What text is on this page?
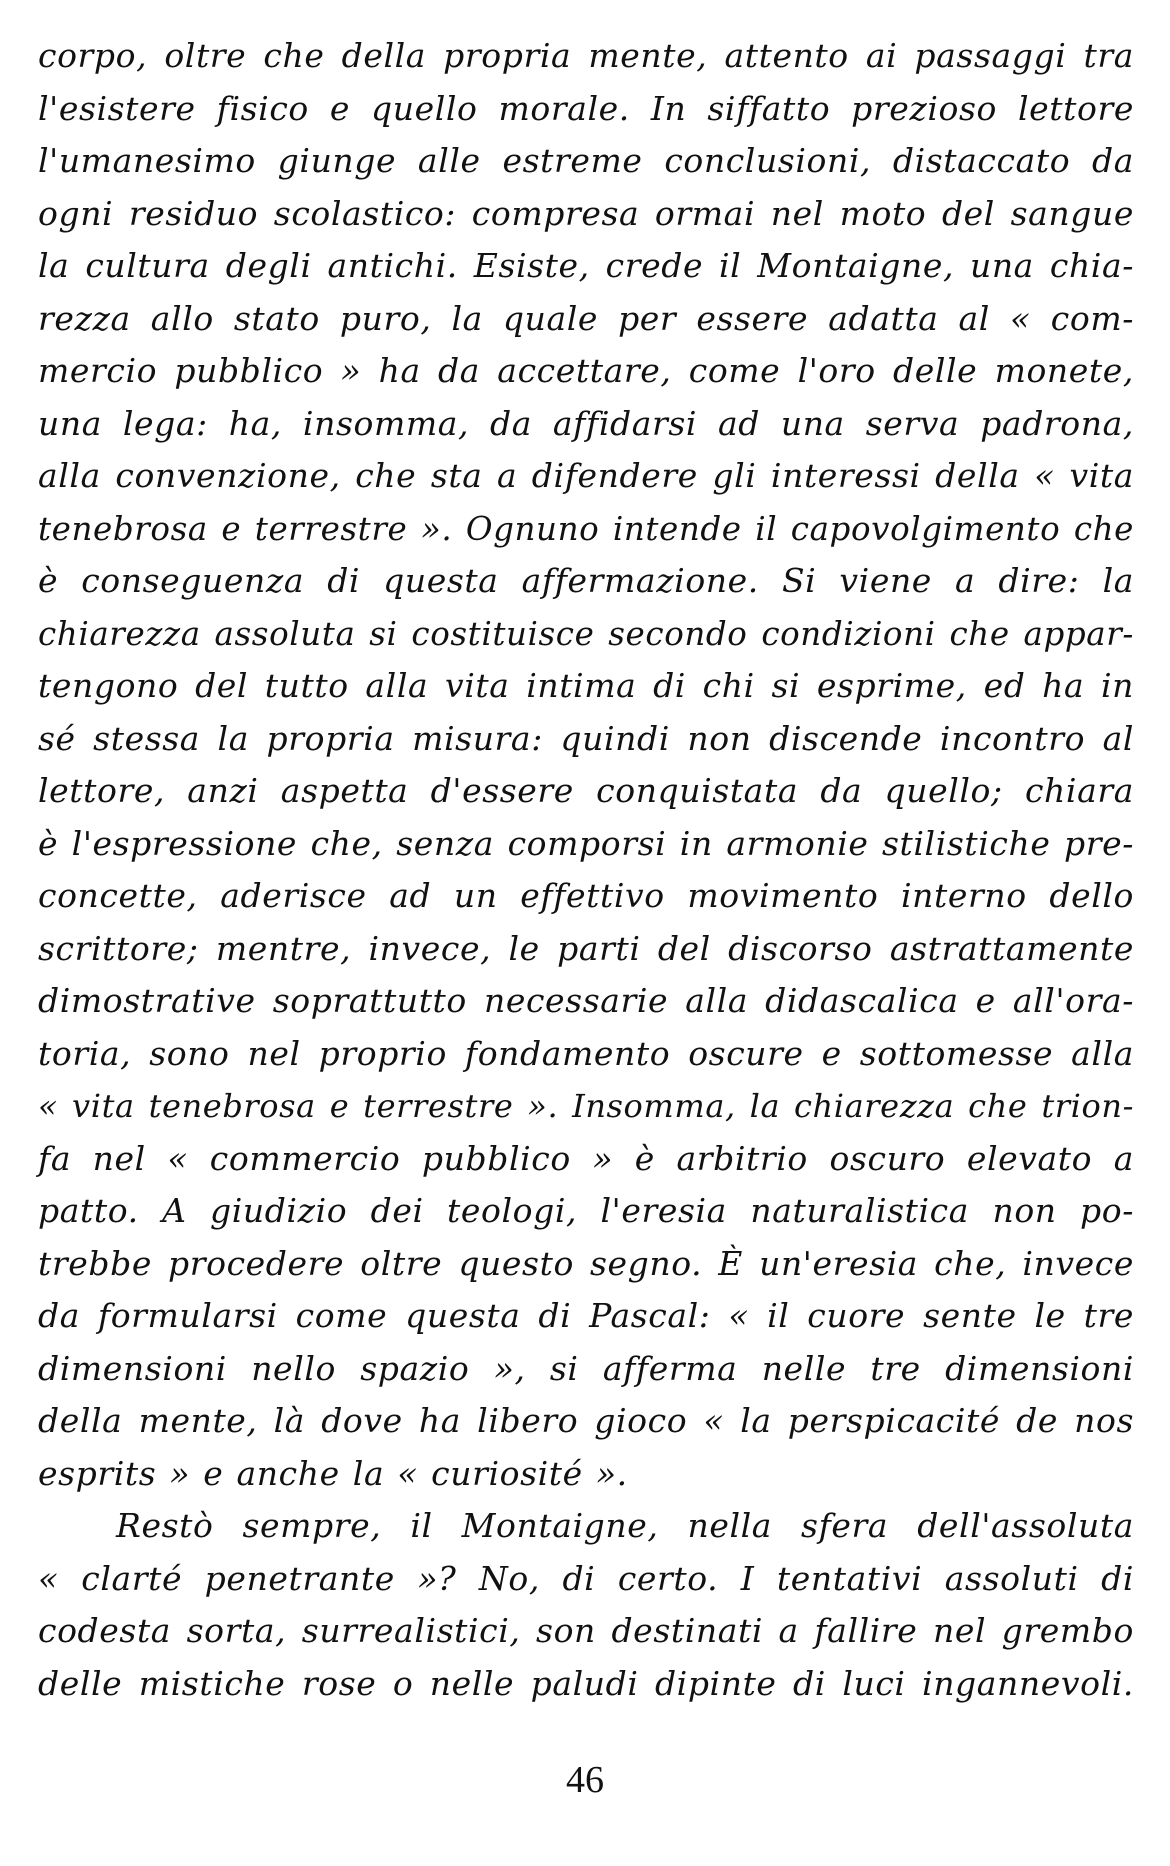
corpo, oltre che della propria mente, attento ai passaggi tra
l'esistere fisico e quello morale. In siffatto prezioso lettore
l'umanesimo giunge alle estreme conclusioni, distaccato da
ogni residuo scolastico: compresa ormai nel moto del sangue
la cultura degli antichi. Esiste, crede il Montaigne, una chia-
rezza allo stato puro, la quale per essere adatta al « com-
mercio pubblico » ha da accettare, come l'oro delle monete,
una lega: ha, insomma, da affidarsi ad una serva padrona,
alla convenzione, che sta a difendere gli interessi della « vita
tenebrosa e terrestre ». Ognuno intende il capovolgimento che
è conseguenza di questa affermazione. Si viene a dire: la
chiarezza assoluta si costituisce secondo condizioni che appar-
tengono del tutto alla vita intima di chi si esprime, ed ha in
sé stessa la propria misura: quindi non discende incontro al
lettore, anzi aspetta d'essere conquistata da quello; chiara
è l'espressione che, senza comporsi in armonie stilistiche pre-
concette, aderisce ad un effettivo movimento interno dello
scrittore; mentre, invece, le parti del discorso astrattamente
dimostrative soprattutto necessarie alla didascalica e all'ora-
toria, sono nel proprio fondamento oscure e sottomesse alla
« vita tenebrosa e terrestre ». Insomma, la chiarezza che trion-
fa nel « commercio pubblico » è arbitrio oscuro elevato a
patto. A giudizio dei teologi, l'eresia naturalistica non po-
trebbe procedere oltre questo segno. È un'eresia che, invece
da formularsi come questa di Pascal: « il cuore sente le tre
dimensioni nello spazio », si afferma nelle tre dimensioni
della mente, là dove ha libero gioco « la perspicacité de nos
esprits » e anche la « curiosité ».
Restò sempre, il Montaigne, nella sfera dell'assoluta
« clarté penetrante »? No, di certo. I tentativi assoluti di
codesta sorta, surrealistici, son destinati a fallire nel grembo
delle mistiche rose o nelle paludi dipinte di luci ingannevoli.
46
